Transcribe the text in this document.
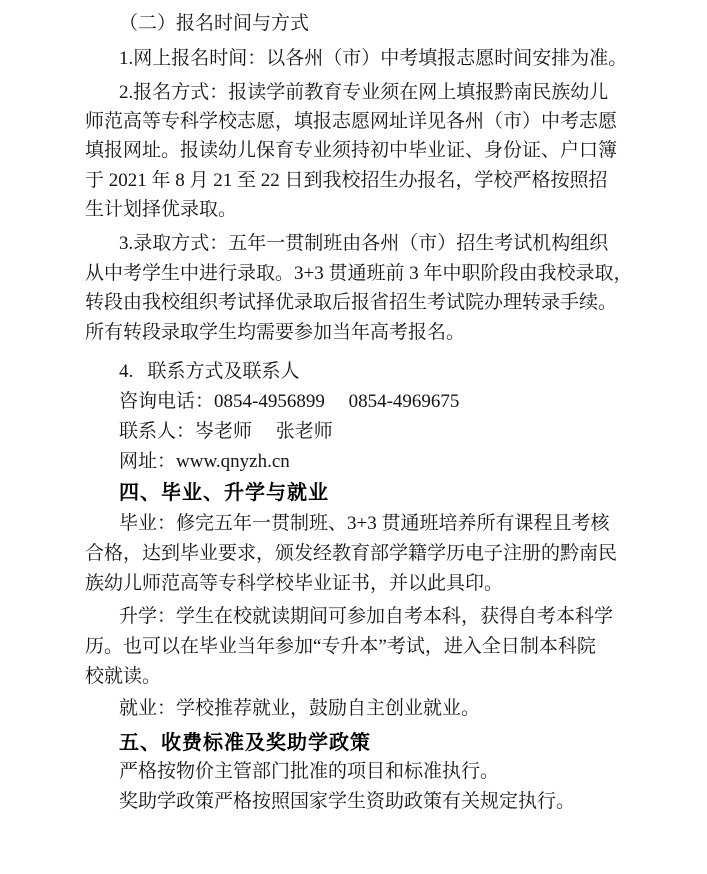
（二）报名时间与方式
1.网上报名时间：以各州（市）中考填报志愿时间安排为准。
2.报名方式：报读学前教育专业须在网上填报黔南民族幼儿
师范高等专科学校志愿，填报志愿网址详见各州（市）中考志愿
填报网址。报读幼儿保育专业须持初中毕业证、身份证、户口簿
于 2021 年 8 月 21 至 22 日到我校招生办报名，学校严格按照招
生计划择优录取。
3.录取方式：五年一贯制班由各州（市）招生考试机构组织
从中考学生中进行录取。3+3 贯通班前 3 年中职阶段由我校录取，
转段由我校组织考试择优录取后报省招生考试院办理转录手续。
所有转段录取学生均需要参加当年高考报名。
4.   联系方式及联系人
咨询电话：0854-4956899     0854-4969675
联系人：岑老师     张老师
网址：www.qnyzh.cn
四、毕业、升学与就业
毕业：修完五年一贯制班、3+3 贯通班培养所有课程且考核
合格，达到毕业要求，颁发经教育部学籍学历电子注册的黔南民
族幼儿师范高等专科学校毕业证书，并以此具印。
升学：学生在校就读期间可参加自考本科，获得自考本科学
历。也可以在毕业当年参加“专升本”考试，进入全日制本科院
校就读。
就业：学校推荐就业，鼓励自主创业就业。
五、收费标准及奖助学政策
严格按物价主管部门批准的项目和标准执行。
奖助学政策严格按照国家学生资助政策有关规定执行。
